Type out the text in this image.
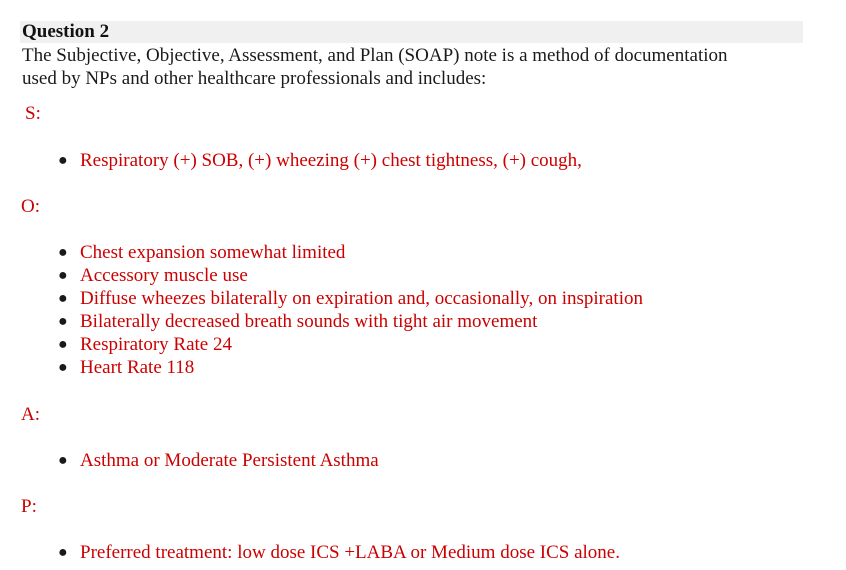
Question 2
The Subjective, Objective, Assessment, and Plan (SOAP) note is a method of documentation
used by NPs and other healthcare professionals and includes:
S:
● Respiratory (+) SOB, (+) wheezing (+) chest tightness, (+) cough,
O:
● Chest expansion somewhat limited
● Accessory muscle use
● Diffuse wheezes bilaterally on expiration and, occasionally, on inspiration
● Bilaterally decreased breath sounds with tight air movement
● Respiratory Rate 24
● Heart Rate 118
A:
● Asthma or Moderate Persistent Asthma
P:
● Preferred treatment: low dose ICS +LABA or Medium dose ICS alone.
